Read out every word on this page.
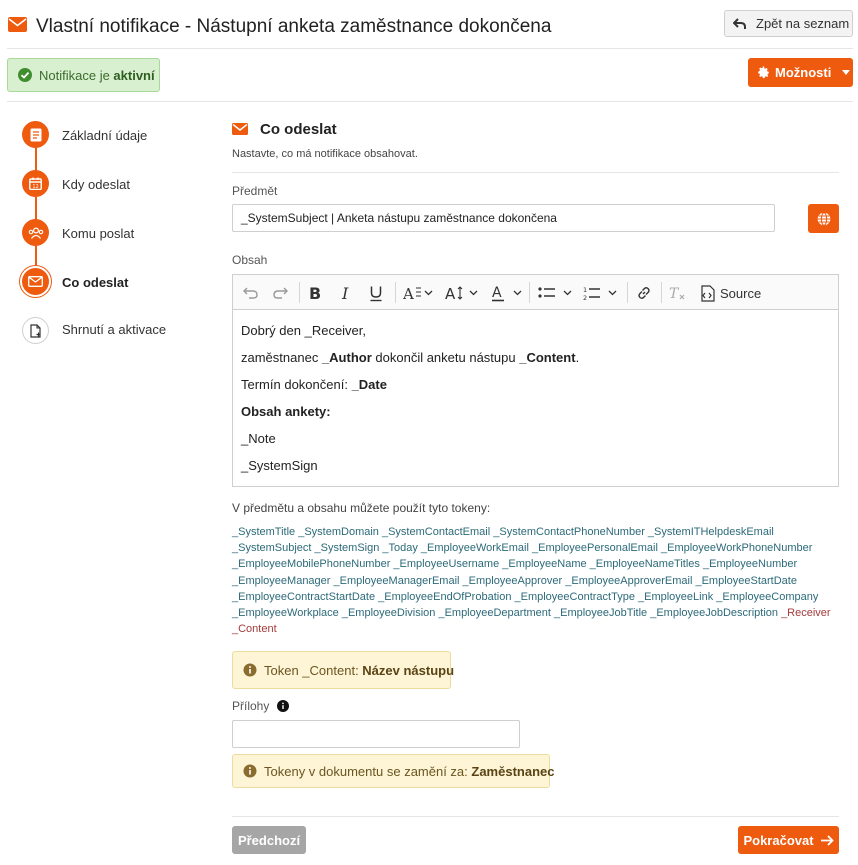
Vlastní notifikace - Nástupní anketa zaměstnance dokončena	Zpět na seznam
Notifikace je aktivní	Možnosti
Základní údaje
12 Kdy odeslat
Komu poslat
Co odeslat
Shrnutí a aktivace
Co odeslat
Nastavte, co má notifikace obsahovat.
Předmět
_SystemSubject | Anketa nástupu zaměstnance dokončena
Obsah
B I	A A	A	1
2	T	Source
Dobrý den _Receiver,
zaměstnanec _Author dokončil anketu nástupu _Content.
Termín dokončení: _Date
Obsah ankety:
_Note
_SystemSign
V předmětu a obsahu můžete použít tyto tokeny:
_SystemTitle _SystemDomain _SystemContactEmail _SystemContactPhoneNumber _SystemITHelpdeskEmail
_SystemSubject _SystemSign _Today _EmployeeWorkEmail _EmployeePersonalEmail _EmployeeWorkPhoneNumber
_EmployeeMobilePhoneNumber _EmployeeUsername _EmployeeName _EmployeeNameTitles _EmployeeNumber
_EmployeeManager _EmployeeManagerEmail _EmployeeApprover _EmployeeApproverEmail _EmployeeStartDate
_EmployeeContractStartDate _EmployeeEndOfProbation _EmployeeContractType _EmployeeLink _EmployeeCompany
_EmployeeWorkplace _EmployeeDivision _EmployeeDepartment _EmployeeJobTitle _EmployeeJobDescription _Receiver
_Content
Token _Content: Název nástupu
Přílohy
Tokeny v dokumentu se zamění za: Zaměstnanec
Předchozí	Pokračovat
